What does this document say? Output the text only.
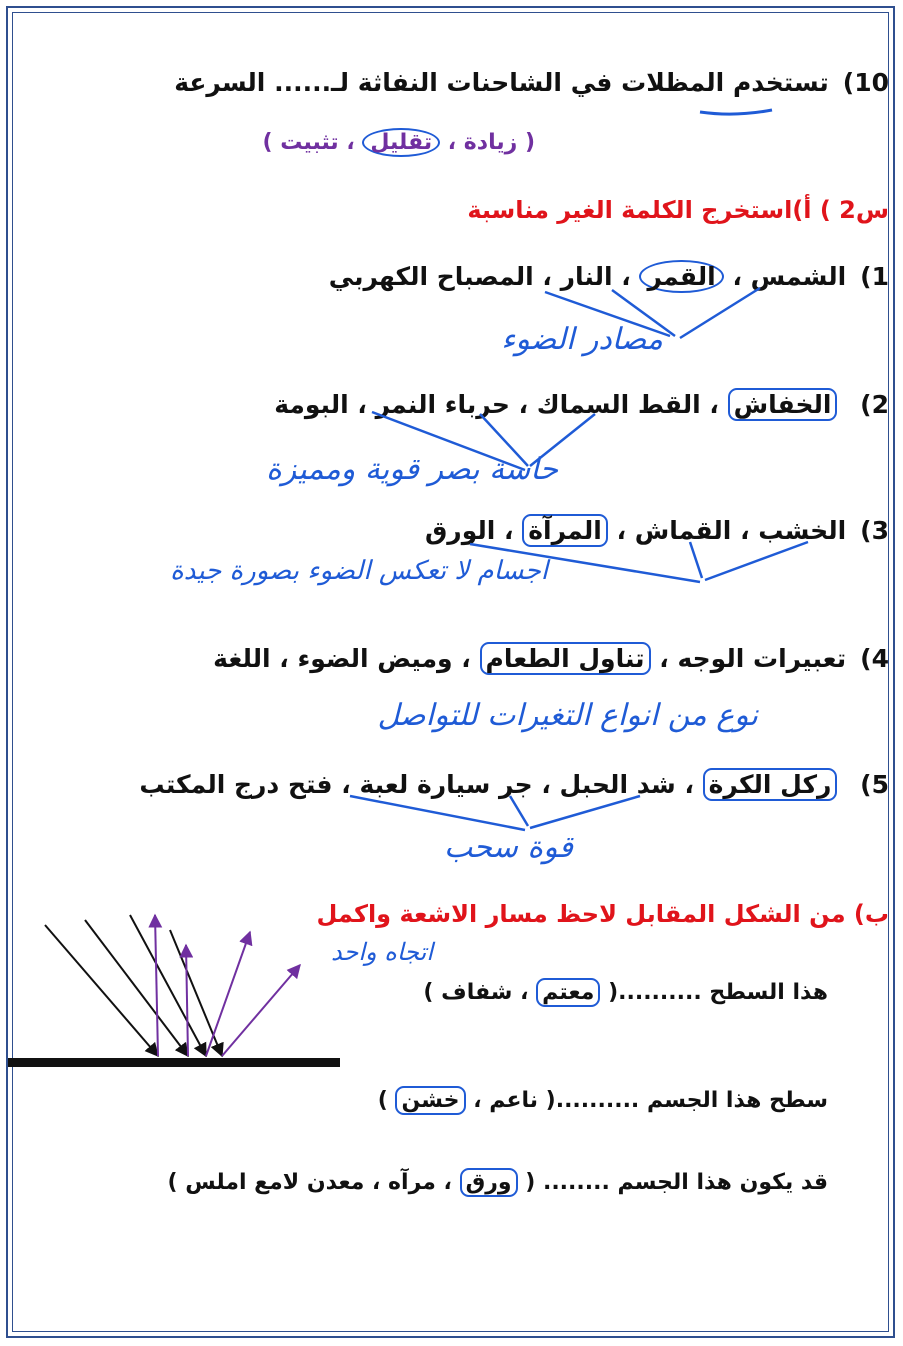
10)تستخدم المظلات في الشاحنات النفاثة لـ...... السرعة
( زيادة ، تقليل ، تثبيت )
س2 ) أ)استخرج الكلمة الغير مناسبة
1)الشمس ، القمر ، النار ، المصباح الكهربي
مصادر الضوء
2) الخفاش ، القط السماك ، حرباء النمر ، البومة
حاسة بصر قوية ومميزة
3)الخشب ، القماش ، المرآة ، الورق
اجسام لا تعكس الضوء بصورة جيدة
4)تعبيرات الوجه ، تناول الطعام ، وميض الضوء ، اللغة
نوع من انواع التغيرات للتواصل
5) ركل الكرة ، شد الحبل ، جر سيارة لعبة ، فتح درج المكتب
قوة سحب
ب) من الشكل المقابل لاحظ مسار الاشعة واكمل
اتجاه واحد
هذا السطح ..........( معتم ، شفاف )
سطح هذا الجسم ..........( ناعم ، خشن )
قد يكون هذا الجسم ........ ( ورق ، مرآه ، معدن لامع املس )
